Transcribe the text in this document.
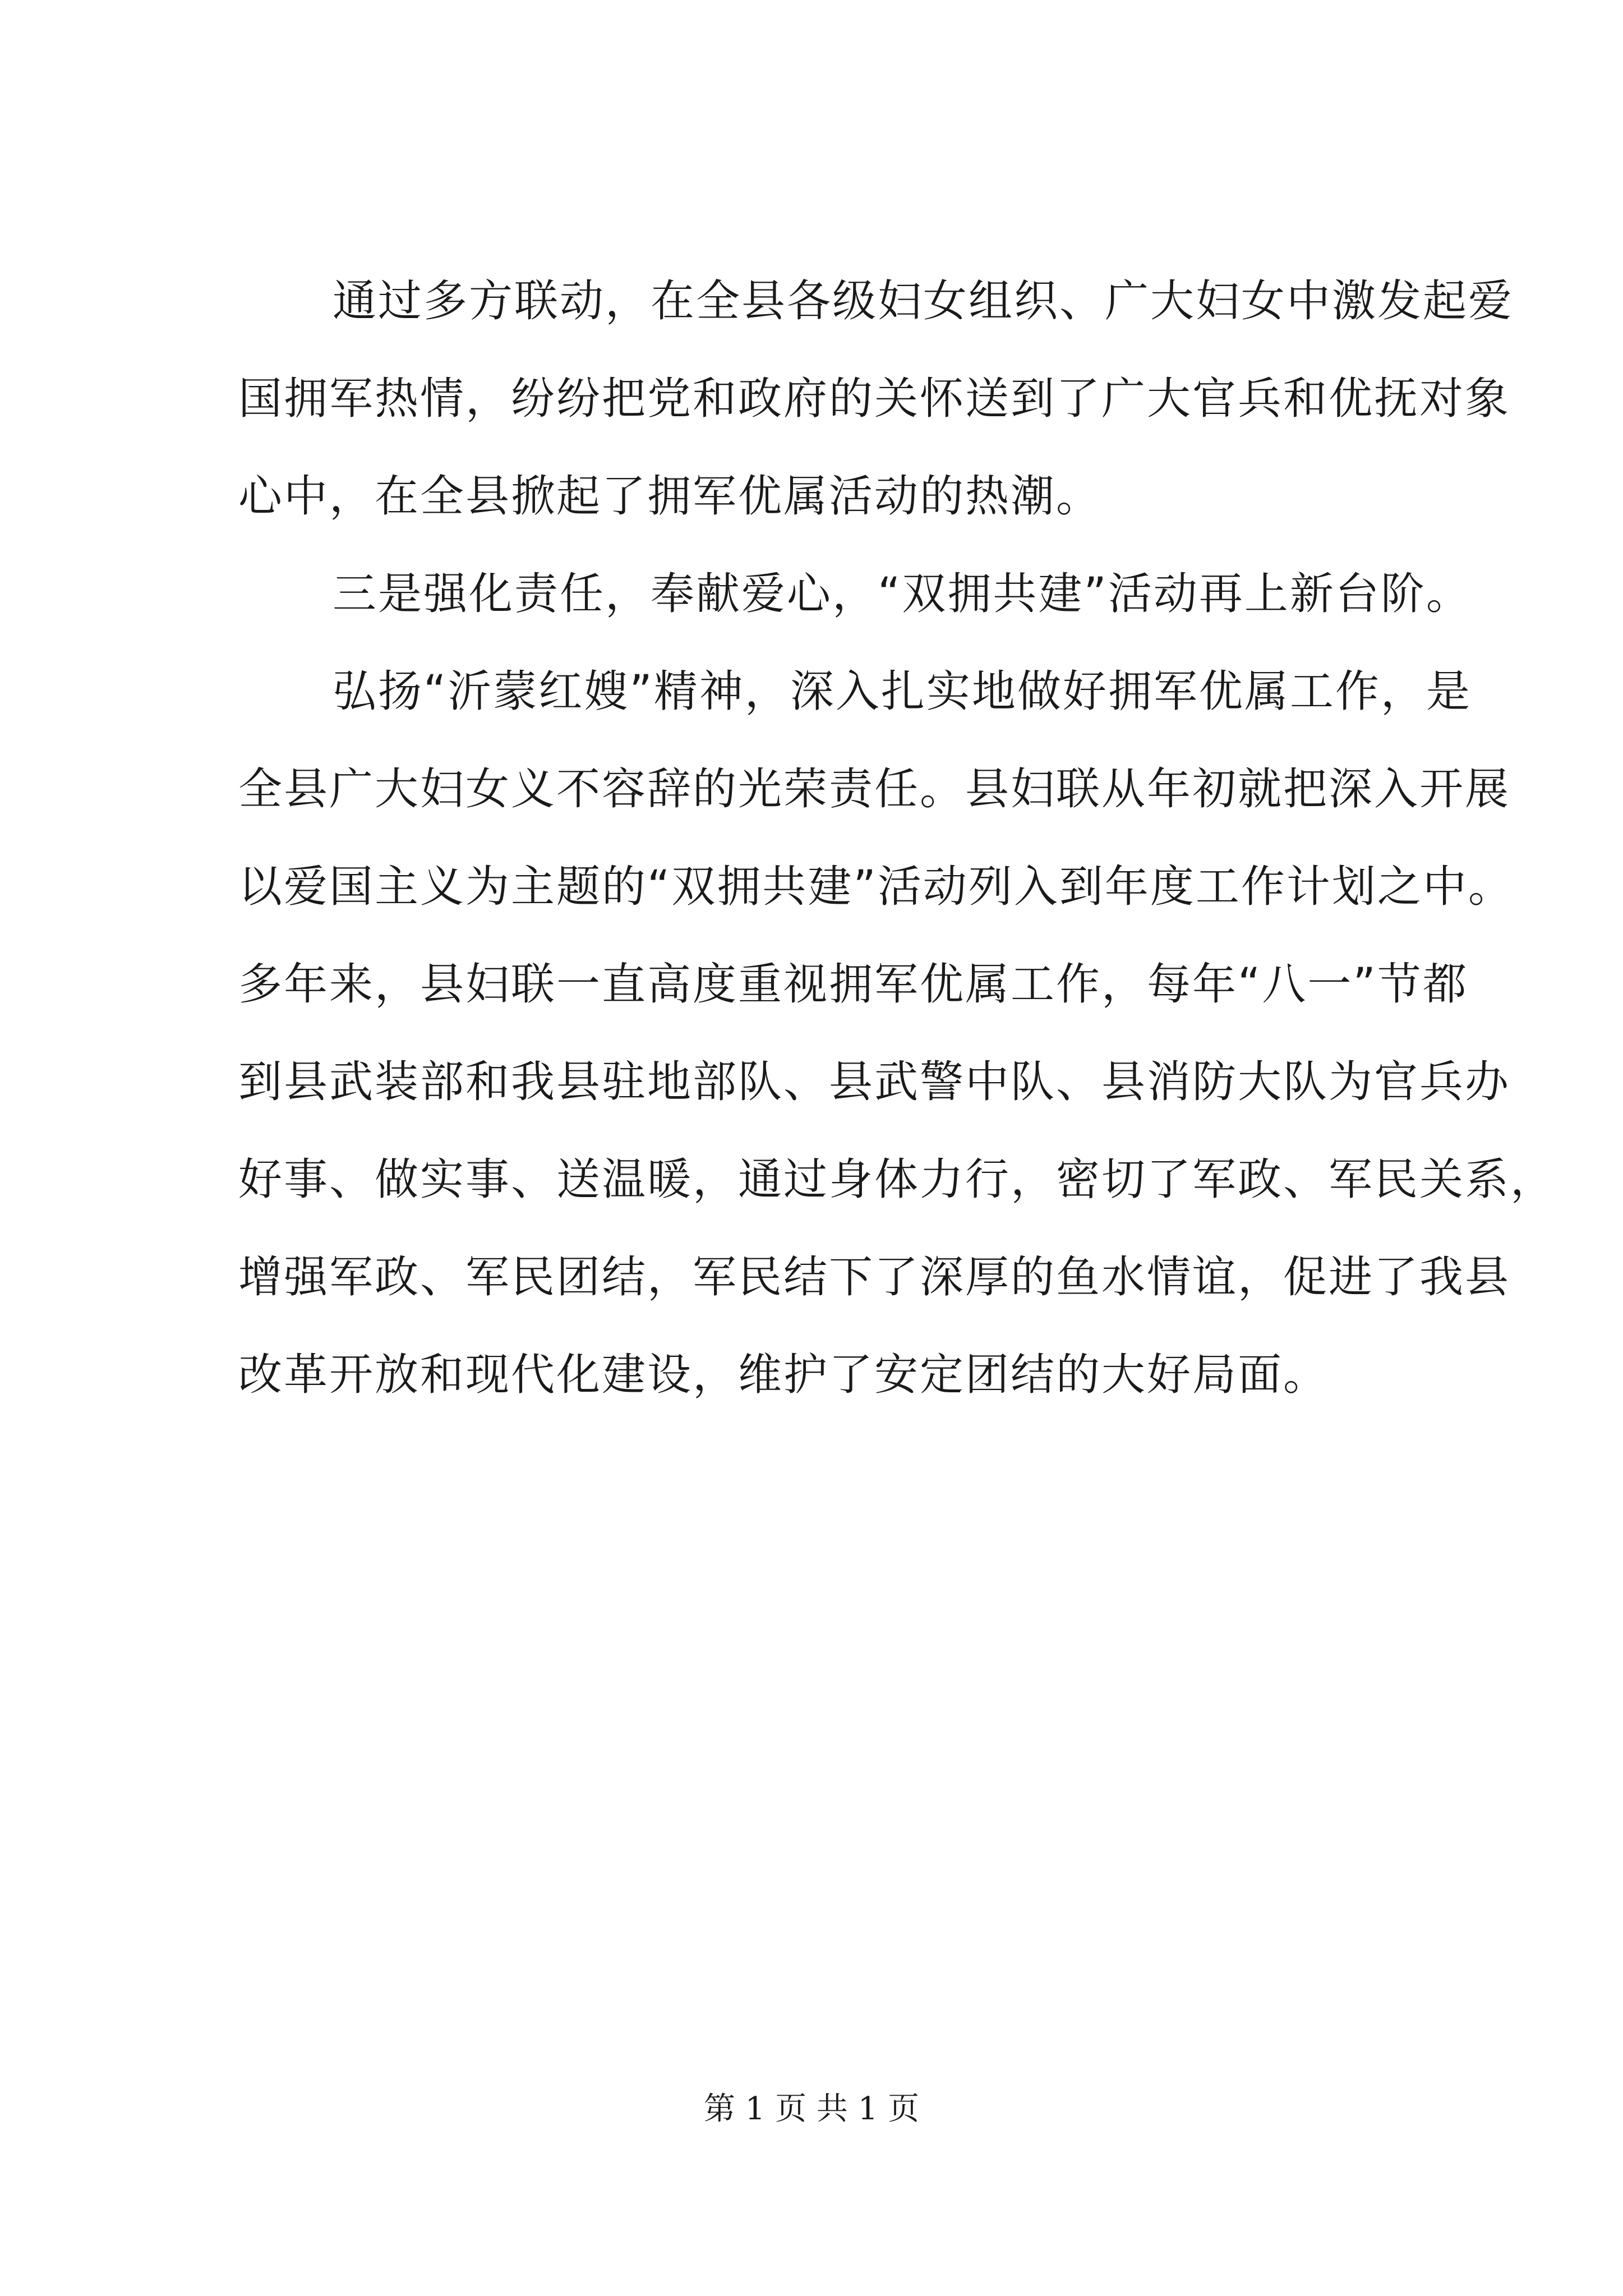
通过多方联动，在全县各级妇女组织、广大妇女中激发起爱
国拥军热情，纷纷把党和政府的关怀送到了广大官兵和优抚对象
心中，在全县掀起了拥军优属活动的热潮。
三是强化责任，奉献爱心，“双拥共建”活动再上新台阶。
弘扬“沂蒙红嫂”精神，深入扎实地做好拥军优属工作，是
全县广大妇女义不容辞的光荣责任。县妇联从年初就把深入开展
以爱国主义为主题的“双拥共建”活动列入到年度工作计划之中。
多年来，县妇联一直高度重视拥军优属工作，每年“八一”节都
到县武装部和我县驻地部队、县武警中队、县消防大队为官兵办
好事、做实事、送温暖，通过身体力行，密切了军政、军民关系，
增强军政、军民团结，军民结下了深厚的鱼水情谊，促进了我县
改革开放和现代化建设，维护了安定团结的大好局面。
第 1 页 共 1 页
